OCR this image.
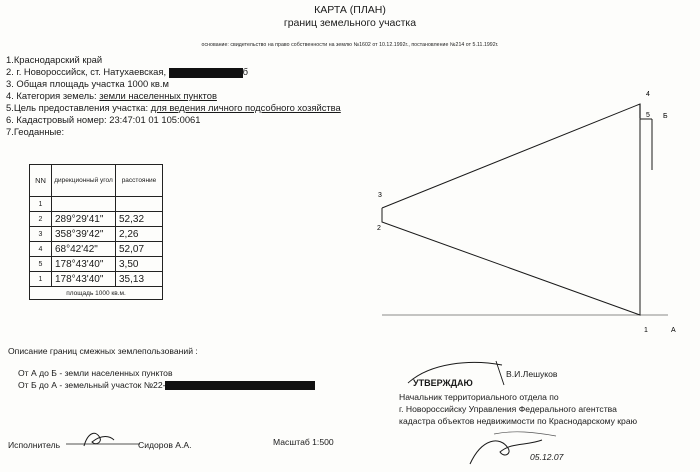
КАРТА (ПЛАН)
границ земельного участка
основание: свидетельство на право собственности на землю №1602 от 10.12.1992г., постановление №214 от 5.11.1992г.
1.Краснодарский край
2. г. Новороссийск, ст. Натухаевская,	б
3. Общая площадь участка 1000 кв.м
4. Категория земель: земли населенных пунктов
5.Цель предоставления участка: для ведения личного подсобного хозяйства
6. Кадастровый номер: 23:47:01 01 105:0061
7.Геоданные:
NN	дирекционный угол	расстояние
1		
2	289°29'41"	52,32
3	358°39'42"	2,26
4	68°42'42"	52,07
5	178°43'40"	3,50
1	178°43'40"	35,13
площадь 1000 кв.м.		
4
5 Б
3
2
1	А
Описание границ смежных землепользований :
От А до Б - земли населенных пунктов
От Б до А - земельный участок №22-
Исполнитель	Сидоров А.А.	Масштаб 1:500
УТВЕРЖДАЮ
Начальник территориального отдела по
г. Новороссийску Управления Федерального агентства
кадастра объектов недвижимости по Краснодарскому краю
В.И.Лешуков
05.12.07
